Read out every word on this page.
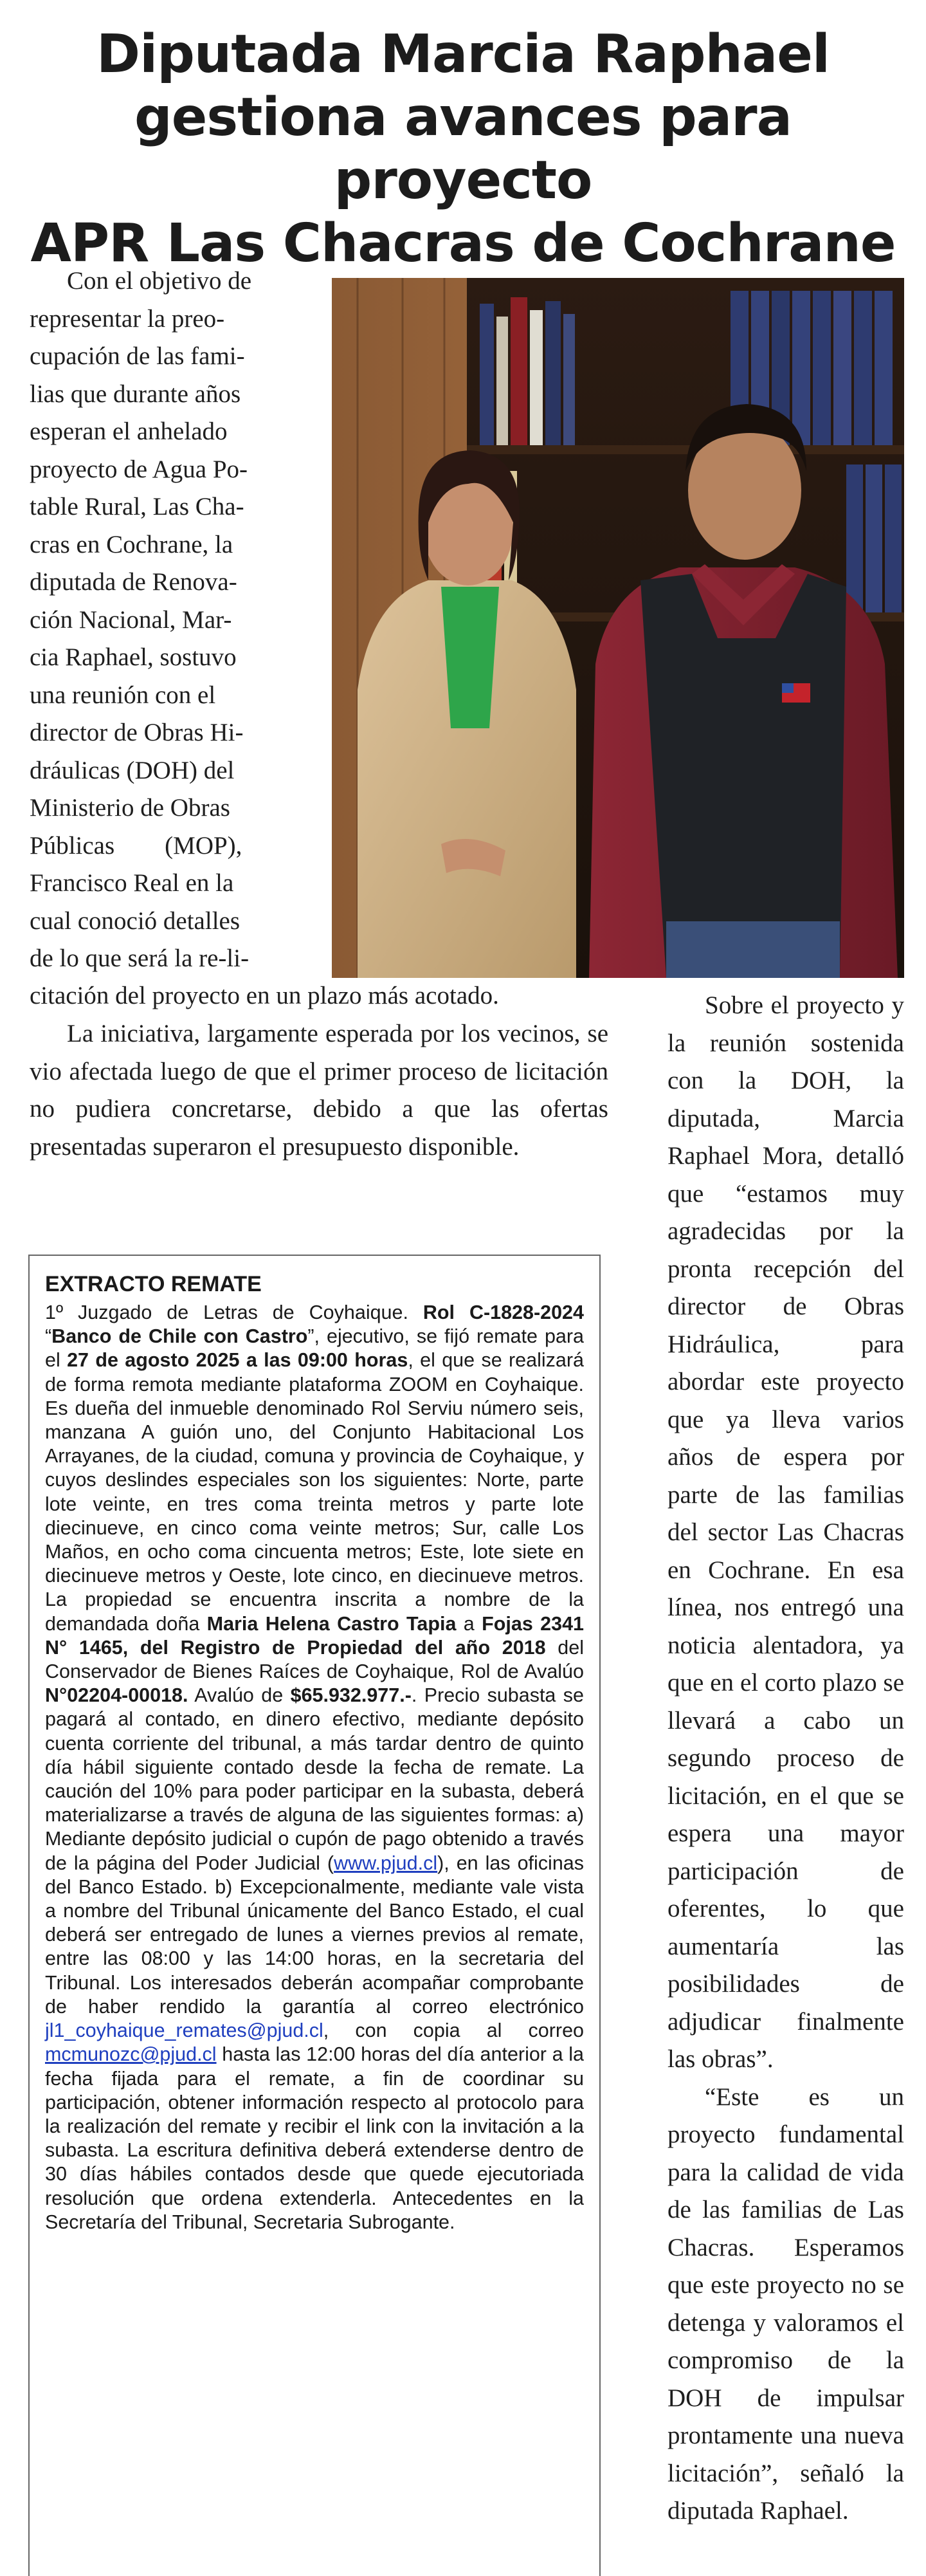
Diputada Marcia Raphael
gestiona avances para proyecto
APR Las Chacras de Cochrane
Con el objetivo de
representar la preo-
cupación de las fami-
lias que durante años
esperan el anhelado
proyecto de Agua Po-
table Rural, Las Cha-
cras en Cochrane, la
diputada de Renova-
ción Nacional, Mar-
cia Raphael, sostuvo
una reunión con el
director de Obras Hi-
dráulicas (DOH) del
Ministerio de Obras
Públicas        (MOP),
Francisco Real en la
cual conoció detalles
de lo que será la re-li-
citación del proyecto en un plazo más acotado.

La iniciativa, largamente esperada por los vecinos, se vio afectada luego de que el primer proceso de licitación no pudiera concretarse, debido a que las ofertas presentadas superaron el presupuesto disponible.

Sobre el proyecto y la reunión sostenida con la DOH, la diputada, Marcia Raphael Mora, detalló que “estamos muy agradecidas por la pronta recepción del director de Obras Hidráulica, para abordar este proyecto que ya lleva varios años de espera por parte de las familias del sector Las Chacras en Cochrane. En esa línea, nos entregó una noticia alentadora, ya que en el corto plazo se llevará a cabo un segundo proceso de licitación, en el que se espera una mayor participación de oferentes, lo que aumentaría las posibilidades de adjudicar finalmente las obras”.

“Este es un proyecto fundamental para la calidad de vida de las familias de Las Chacras. Esperamos que este proyecto no se detenga y valoramos el compromiso de la DOH de impulsar prontamente una nueva licitación”, señaló la diputada Raphael.

EXTRACTO REMATE

1º Juzgado de Letras de Coyhaique. Rol C-1828-2024 “Banco de Chile con Castro”, ejecutivo, se fijó remate para el 27 de agosto 2025 a las 09:00 horas, el que se realizará de forma remota mediante plataforma ZOOM en Coyhaique. Es dueña del inmueble denominado Rol Serviu número seis, manzana A guión uno, del Conjunto Habitacional Los Arrayanes, de la ciudad, comuna y provincia de Coyhaique, y cuyos deslindes especiales son los siguientes: Norte, parte lote veinte, en tres coma treinta metros y parte lote diecinueve, en cinco coma veinte metros; Sur, calle Los Maños, en ocho coma cincuenta metros; Este, lote siete en diecinueve metros y Oeste, lote cinco, en diecinueve metros. La propiedad se encuentra inscrita a nombre de la demandada doña Maria Helena Castro Tapia a Fojas 2341 N° 1465, del Registro de Propiedad del año 2018 del Conservador de Bienes Raíces de Coyhaique, Rol de Avalúo N°02204-00018. Avalúo de $65.932.977.-. Precio subasta se pagará al contado, en dinero efectivo, mediante depósito cuenta corriente del tribunal, a más tardar dentro de quinto día hábil siguiente contado desde la fecha de remate. La caución del 10% para poder participar en la subasta, deberá materializarse a través de alguna de las siguientes formas: a) Mediante depósito judicial o cupón de pago obtenido a través de la página del Poder Judicial (www.pjud.cl), en las oficinas del Banco Estado. b) Excepcionalmente, mediante vale vista a nombre del Tribunal únicamente del Banco Estado, el cual deberá ser entregado de lunes a viernes previos al remate, entre las 08:00 y las 14:00 horas, en la secretaria del Tribunal. Los interesados deberán acompañar comprobante de haber rendido la garantía al correo electrónico jl1_coyhaique_remates@pjud.cl, con copia al correo mcmunozc@pjud.cl hasta las 12:00 horas del día anterior a la fecha fijada para el remate, a fin de coordinar su participación, obtener información respecto al protocolo para la realización del remate y recibir el link con la invitación a la subasta. La escritura definitiva deberá extenderse dentro de 30 días hábiles contados desde que quede ejecutoriada resolución que ordena extenderla. Antecedentes en la Secretaría del Tribunal, Secretaria Subrogante.
